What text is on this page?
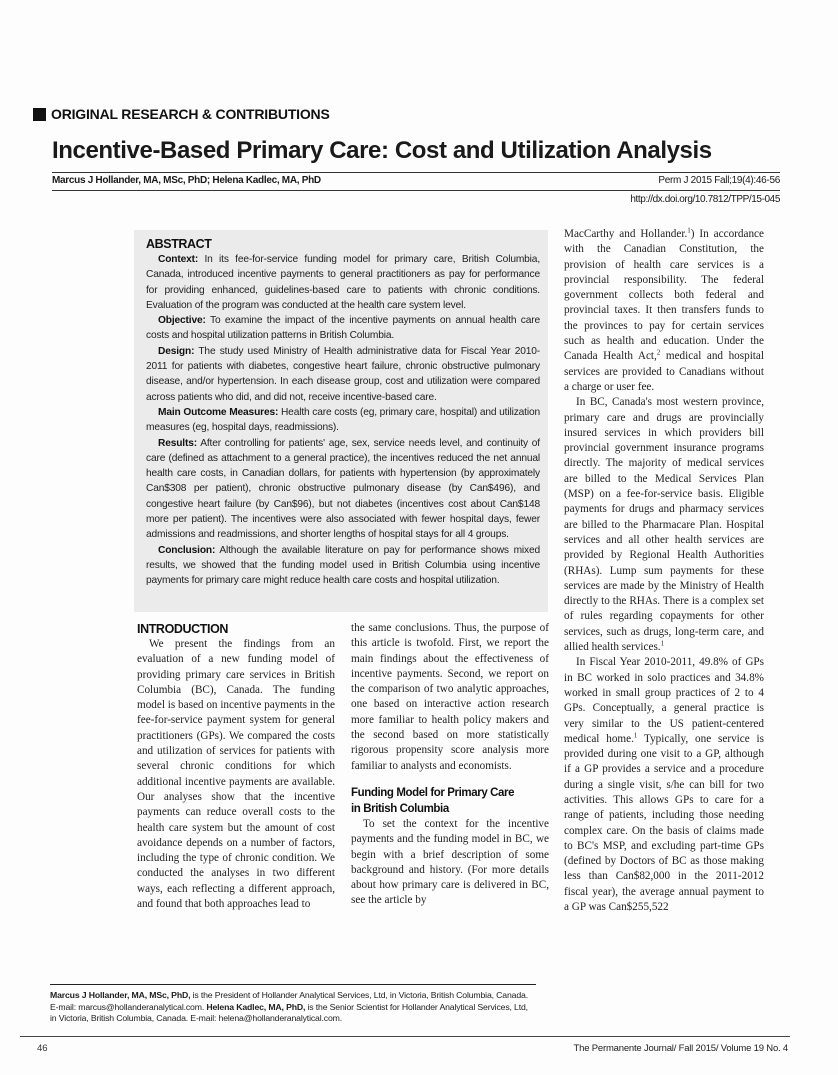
ORIGINAL RESEARCH & CONTRIBUTIONS
Incentive-Based Primary Care: Cost and Utilization Analysis
Marcus J Hollander, MA, MSc, PhD; Helena Kadlec, MA, PhD	Perm J 2015 Fall;19(4):46-56
http://dx.doi.org/10.7812/TPP/15-045
ABSTRACT

Context: In its fee-for-service funding model for primary care, British Columbia, Canada, introduced incentive payments to general practitioners as pay for performance for providing enhanced, guidelines-based care to patients with chronic conditions. Evaluation of the program was conducted at the health care system level.

Objective: To examine the impact of the incentive payments on annual health care costs and hospital utilization patterns in British Columbia.

Design: The study used Ministry of Health administrative data for Fiscal Year 2010-2011 for patients with diabetes, congestive heart failure, chronic obstructive pulmonary disease, and/or hypertension. In each disease group, cost and utilization were compared across patients who did, and did not, receive incentive-based care.

Main Outcome Measures: Health care costs (eg, primary care, hospital) and utilization measures (eg, hospital days, readmissions).

Results: After controlling for patients' age, sex, service needs level, and continuity of care (defined as attachment to a general practice), the incentives reduced the net annual health care costs, in Canadian dollars, for patients with hypertension (by approximately Can$308 per patient), chronic obstructive pulmonary disease (by Can$496), and congestive heart failure (by Can$96), but not diabetes (incentives cost about Can$148 more per patient). The incentives were also associated with fewer hospital days, fewer admissions and readmissions, and shorter lengths of hospital stays for all 4 groups.

Conclusion: Although the available literature on pay for performance shows mixed results, we showed that the funding model used in British Columbia using incentive payments for primary care might reduce health care costs and hospital utilization.

INTRODUCTION

We present the findings from an evaluation of a new funding model of providing primary care services in British Columbia (BC), Canada. The funding model is based on incentive payments in the fee-for-service payment system for general practitioners (GPs). We compared the costs and utilization of services for patients with several chronic conditions for which additional incentive payments are available. Our analyses show that the incentive payments can reduce overall costs to the health care system but the amount of cost avoidance depends on a number of factors, including the type of chronic condition. We conducted the analyses in two different ways, each reflecting a different approach, and found that both approaches lead to

the same conclusions. Thus, the purpose of this article is twofold. First, we report the main findings about the effectiveness of incentive payments. Second, we report on the comparison of two analytic approaches, one based on interactive action research more familiar to health policy makers and the second based on more statistically rigorous propensity score analysis more familiar to analysts and economists.

Funding Model for Primary Care
in British Columbia

To set the context for the incentive payments and the funding model in BC, we begin with a brief description of some background and history. (For more details about how primary care is delivered in BC, see the article by

MacCarthy and Hollander.$^1$) In accordance with the Canadian Constitution, the provision of health care services is a provincial responsibility. The federal government collects both federal and provincial taxes. It then transfers funds to the provinces to pay for certain services such as health and education. Under the Canada Health Act,$^2$ medical and hospital services are provided to Canadians without a charge or user fee.

In BC, Canada's most western province, primary care and drugs are provincially insured services in which providers bill provincial government insurance programs directly. The majority of medical services are billed to the Medical Services Plan (MSP) on a fee-for-service basis. Eligible payments for drugs and pharmacy services are billed to the Pharmacare Plan. Hospital services and all other health services are provided by Regional Health Authorities (RHAs). Lump sum payments for these services are made by the Ministry of Health directly to the RHAs. There is a complex set of rules regarding copayments for other services, such as drugs, long-term care, and allied health services.$^1$

In Fiscal Year 2010-2011, 49.8% of GPs in BC worked in solo practices and 34.8% worked in small group practices of 2 to 4 GPs. Conceptually, a general practice is very similar to the US patient-centered medical home.$^1$ Typically, one service is provided during one visit to a GP, although if a GP provides a service and a procedure during a single visit, s/he can bill for two activities. This allows GPs to care for a range of patients, including those needing complex care. On the basis of claims made to BC's MSP, and excluding part-time GPs (defined by Doctors of BC as those making less than Can$82,000 in the 2011-2012 fiscal year), the average annual payment to a GP was Can$255,522

Marcus J Hollander, MA, MSc, PhD, is the President of Hollander Analytical Services, Ltd, in Victoria, British Columbia, Canada. E-mail: marcus@hollanderanalytical.com. Helena Kadlec, MA, PhD, is the Senior Scientist for Hollander Analytical Services, Ltd, in Victoria, British Columbia, Canada. E-mail: helena@hollanderanalytical.com.
46	The Permanente Journal/ Fall 2015/ Volume 19 No. 4
